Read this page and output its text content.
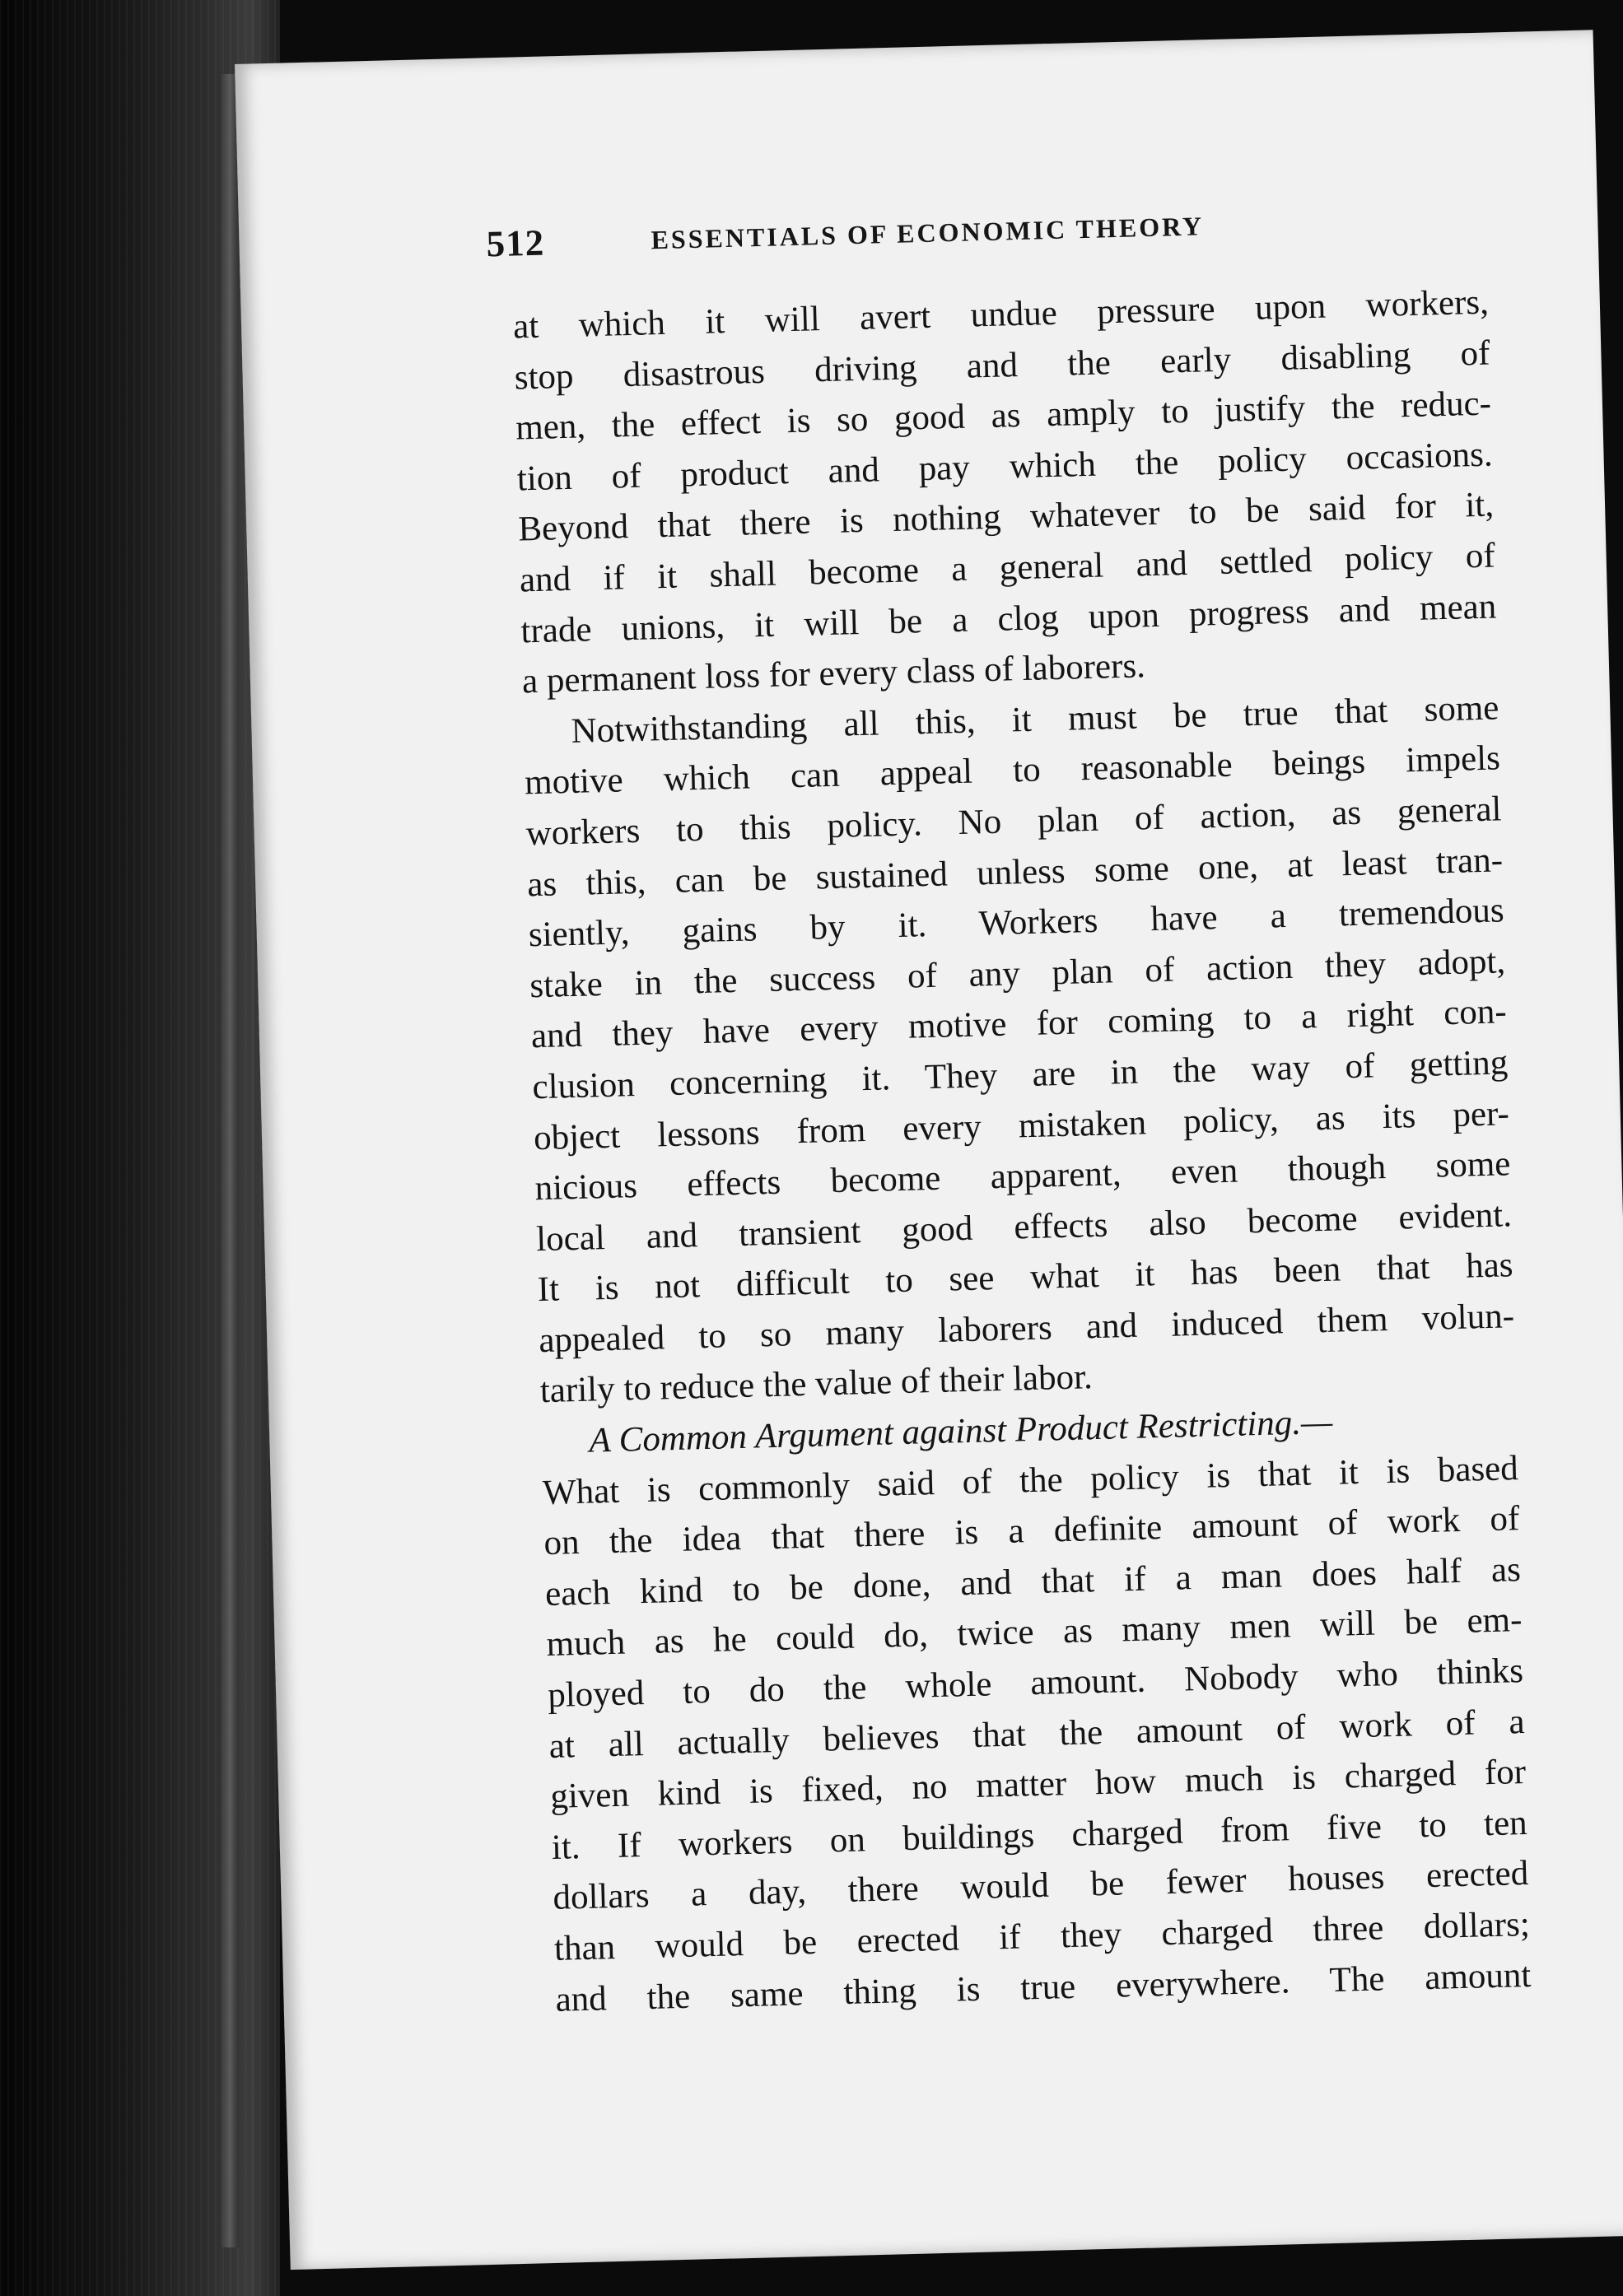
512	ESSENTIALS OF ECONOMIC THEORY
at which it will avert undue pressure upon workers,
stop disastrous driving and the early disabling of
men, the effect is so good as amply to justify the reduc-
tion of product and pay which the policy occasions.
Beyond that there is nothing whatever to be said for it,
and if it shall become a general and settled policy of
trade unions, it will be a clog upon progress and mean
a permanent loss for every class of laborers.
Notwithstanding all this, it must be true that some
motive which can appeal to reasonable beings impels
workers to this policy. No plan of action, as general
as this, can be sustained unless some one, at least tran-
siently, gains by it. Workers have a tremendous
stake in the success of any plan of action they adopt,
and they have every motive for coming to a right con-
clusion concerning it. They are in the way of getting
object lessons from every mistaken policy, as its per-
nicious effects become apparent, even though some
local and transient good effects also become evident.
It is not difficult to see what it has been that has
appealed to so many laborers and induced them volun-
tarily to reduce the value of their labor.
A Common Argument against Product Restricting.—
What is commonly said of the policy is that it is based
on the idea that there is a definite amount of work of
each kind to be done, and that if a man does half as
much as he could do, twice as many men will be em-
ployed to do the whole amount. Nobody who thinks
at all actually believes that the amount of work of a
given kind is fixed, no matter how much is charged for
it. If workers on buildings charged from five to ten
dollars a day, there would be fewer houses erected
than would be erected if they charged three dollars;
and the same thing is true everywhere. The amount
